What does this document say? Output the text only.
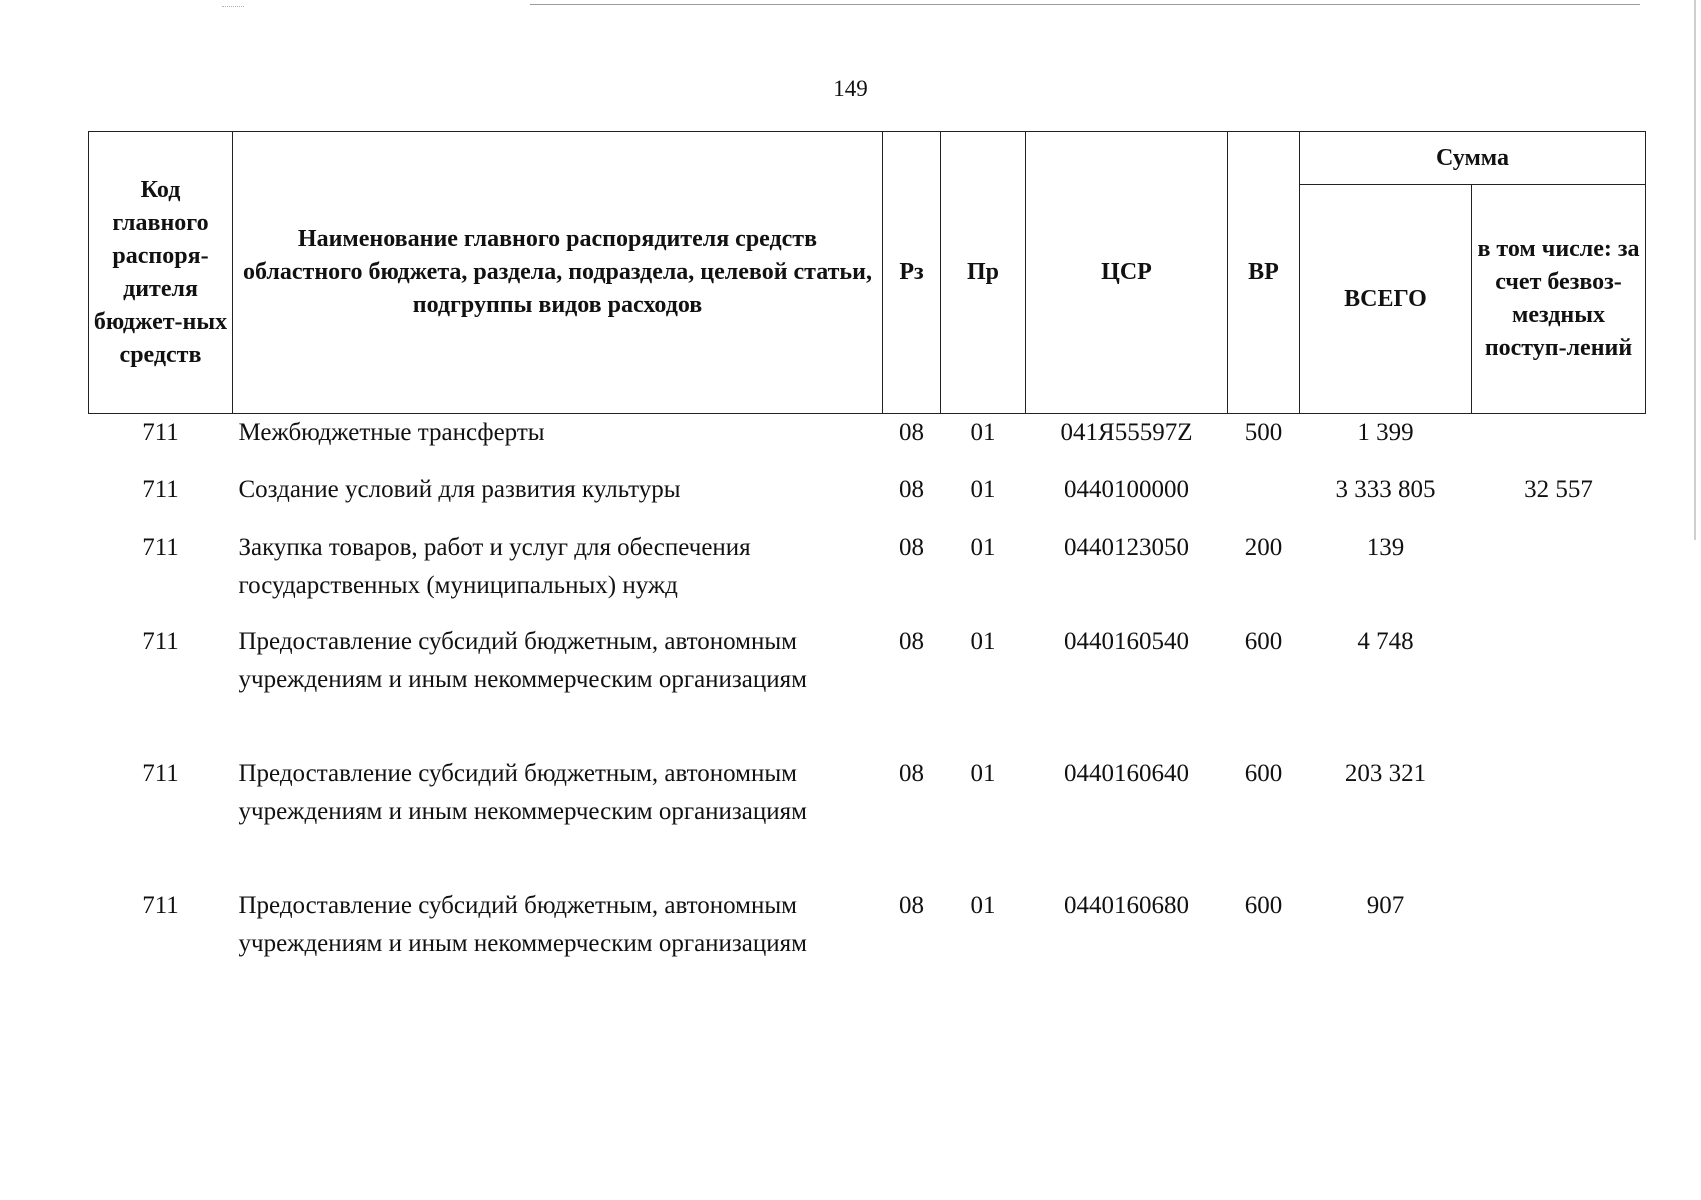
149
Код главного распоря-дителя бюджет-ных средств	Наименование главного распорядителя средств областного бюджета, раздела, подраздела, целевой статьи, подгруппы видов расходов	Рз	Пр	ЦСР	ВР	Сумма	
						ВСЕГО	в том числе: за счет безвоз-мездных поступ-лений
711	Межбюджетные трансферты	08	01	041Я55597Z	500	1 399	
711	Создание условий для развития культуры	08	01	0440100000		3 333 805	32 557
711	Закупка товаров, работ и услуг для обеспечения государственных (муниципальных) нужд	08	01	0440123050	200	139	
711	Предоставление субсидий бюджетным, автономным учреждениям и иным некоммерческим организациям	08	01	0440160540	600	4 748	
711	Предоставление субсидий бюджетным, автономным учреждениям и иным некоммерческим организациям	08	01	0440160640	600	203 321	
711	Предоставление субсидий бюджетным, автономным учреждениям и иным некоммерческим организациям	08	01	0440160680	600	907	
